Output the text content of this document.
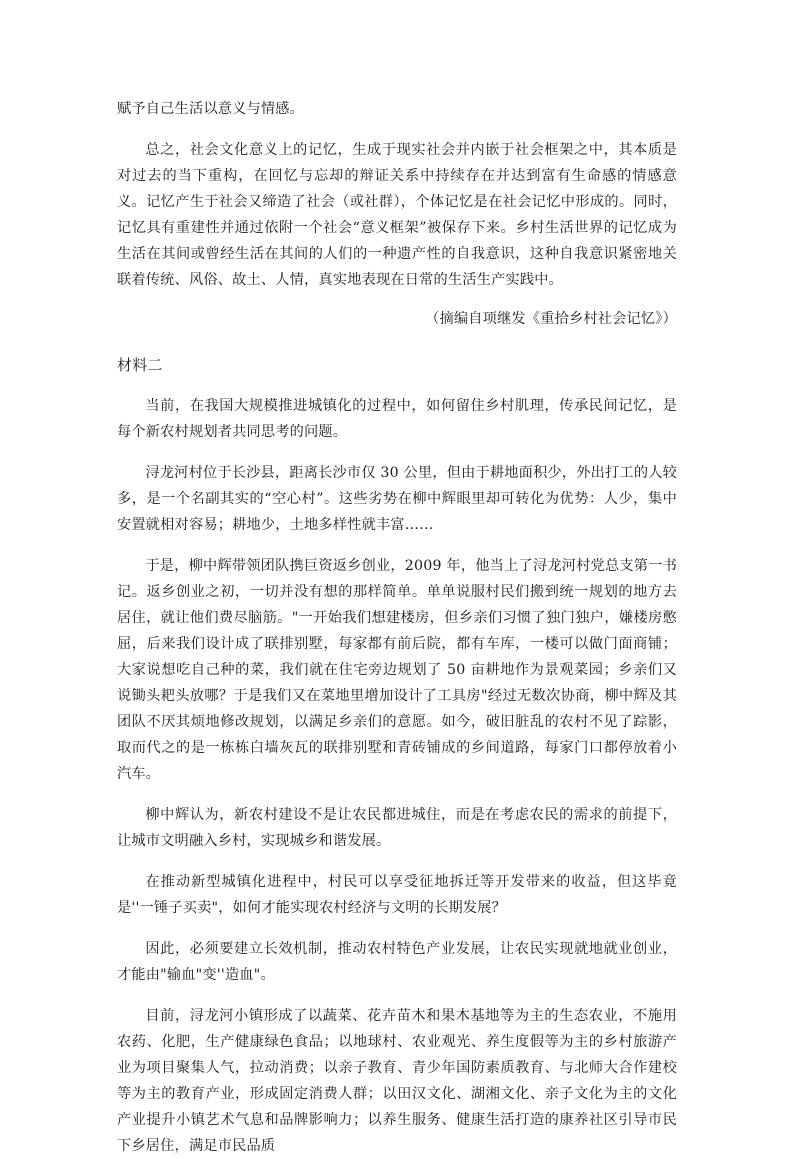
赋予自己生活以意义与情感。

总之，社会文化意义上的记忆，生成于现实社会并内嵌于社会框架之中，其本质是对过去的当下重构，在回忆与忘却的辩证关系中持续存在并达到富有生命感的情感意义。记忆产生于社会又缔造了社会（或社群），个体记忆是在社会记忆中形成的。同时，记忆具有重建性并通过依附一个社会“意义框架”被保存下来。乡村生活世界的记忆成为生活在其间或曾经生活在其间的人们的一种遗产性的自我意识，这种自我意识紧密地关联着传统、风俗、故土、人情，真实地表现在日常的生活生产实践中。

（摘编自项继发《重拾乡村社会记忆》）

材料二

当前，在我国大规模推进城镇化的过程中，如何留住乡村肌理，传承民间记忆，是每个新农村规划者共同思考的问题。

浔龙河村位于长沙县，距离长沙市仅 30 公里，但由于耕地面积少，外出打工的人较多，是一个名副其实的“空心村”。这些劣势在柳中辉眼里却可转化为优势：人少，集中安置就相对容易；耕地少，土地多样性就丰富……

于是，柳中辉带领团队携巨资返乡创业，2009 年，他当上了浔龙河村党总支第一书记。返乡创业之初，一切并没有想的那样简单。单单说服村民们搬到统一规划的地方去居住，就让他们费尽脑筋。"一开始我们想建楼房，但乡亲们习惯了独门独户，嫌楼房憋屈，后来我们设计成了联排别墅，每家都有前后院，都有车库，一楼可以做门面商铺；大家说想吃自己种的菜，我们就在住宅旁边规划了 50 亩耕地作为景观菜园；乡亲们又说锄头耙头放哪？于是我们又在菜地里增加设计了工具房"经过无数次协商，柳中辉及其团队不厌其烦地修改规划，以满足乡亲们的意愿。如今，破旧脏乱的农村不见了踪影，取而代之的是一栋栋白墙灰瓦的联排别墅和青砖铺成的乡间道路，每家门口都停放着小汽车。

柳中辉认为，新农村建设不是让农民都进城住，而是在考虑农民的需求的前提下，让城市文明融入乡村，实现城乡和谐发展。

在推动新型城镇化进程中，村民可以享受征地拆迁等开发带来的收益，但这毕竟是''一锤子买卖"，如何才能实现农村经济与文明的长期发展？

因此，必须要建立长效机制，推动农村特色产业发展，让农民实现就地就业创业，才能由"输血"变''造血"。

目前，浔龙河小镇形成了以蔬菜、花卉苗木和果木基地等为主的生态农业，不施用农药、化肥，生产健康绿色食品；以地球村、农业观光、养生度假等为主的乡村旅游产业为项目聚集人气，拉动消费；以亲子教育、青少年国防素质教育、与北师大合作建校等为主的教育产业，形成固定消费人群；以田汉文化、湖湘文化、亲子文化为主的文化产业提升小镇艺术气息和品牌影响力；以养生服务、健康生活打造的康养社区引导市民下乡居住，满足市民品质
